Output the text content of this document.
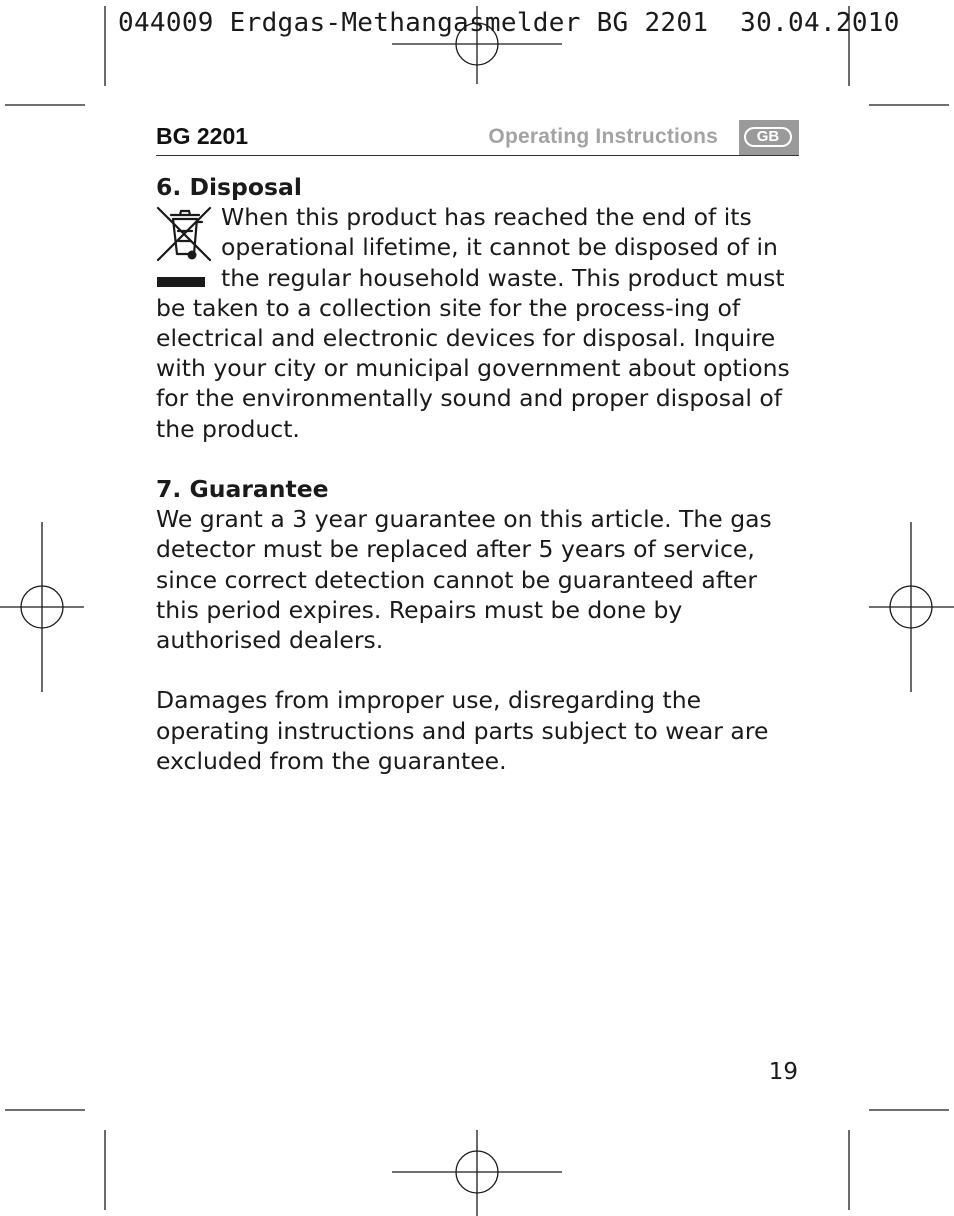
044009 Erdgas-Methangasmelder BG 2201  30.04.2010
BG 2201	Operating Instructions	GB
6. Disposal

When this product has reached the end of its operational lifetime, it cannot be disposed of in the regular household waste. This product must be taken to a collection site for the process-ing of electrical and electronic devices for disposal. Inquire with your city or municipal government about options for the environmentally sound and proper disposal of the product.

7. Guarantee

We grant a 3 year guarantee on this article. The gas detector must be replaced after 5 years of service, since correct detection cannot be guaranteed after this period expires. Repairs must be done by authorised dealers.

Damages from improper use, disregarding the operating instructions and parts subject to wear are excluded from the guarantee.

19
